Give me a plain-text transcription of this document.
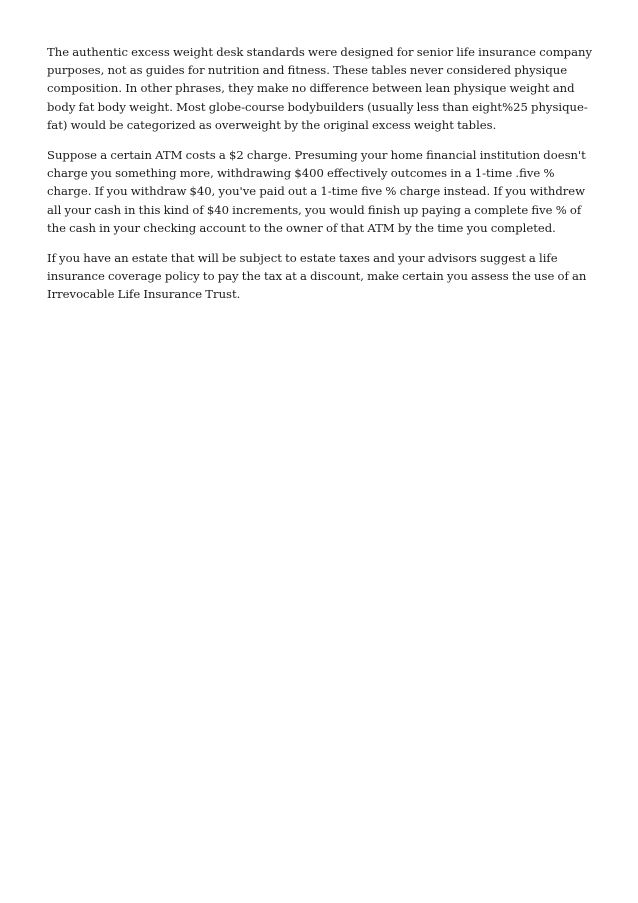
The authentic excess weight desk standards were designed for senior life insurance company purposes, not as guides for nutrition and fitness. These tables never considered physique composition. In other phrases, they make no difference between lean physique weight and body fat body weight. Most globe-course bodybuilders (usually less than eight%25 physique-fat) would be categorized as overweight by the original excess weight tables.

Suppose a certain ATM costs a $2 charge. Presuming your home financial institution doesn't charge you something more, withdrawing $400 effectively outcomes in a 1-time .five % charge. If you withdraw $40, you've paid out a 1-time five % charge instead. If you withdrew all your cash in this kind of $40 increments, you would finish up paying a complete five % of the cash in your checking account to the owner of that ATM by the time you completed.

If you have an estate that will be subject to estate taxes and your advisors suggest a life insurance coverage policy to pay the tax at a discount, make certain you assess the use of an Irrevocable Life Insurance Trust.
